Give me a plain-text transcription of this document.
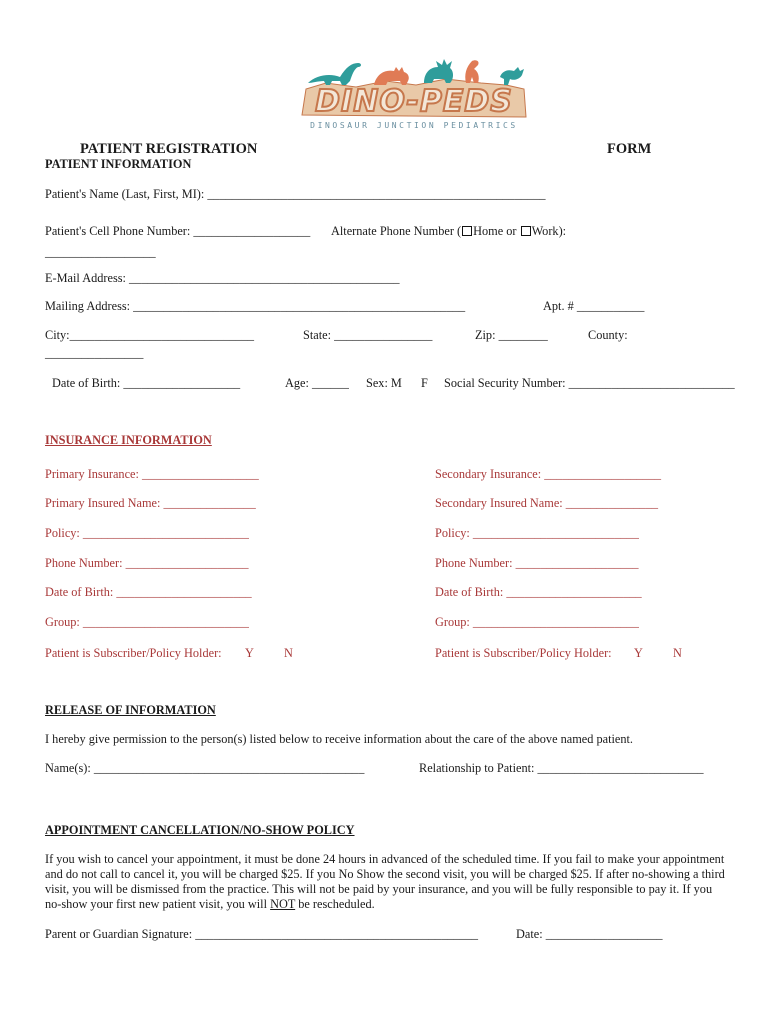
DINO-PEDS
DINOSAUR JUNCTION PEDIATRICS
PATIENT REGISTRATION	FORM
PATIENT INFORMATION
Patient's Name (Last, First, MI): _______________________________________________________
Patient's Cell Phone Number: ___________________ Alternate Phone Number ( Home or Work):
__________________
E-Mail Address: ____________________________________________
Mailing Address: ______________________________________________________	Apt. # ___________
City:______________________________	State: ________________	Zip: ________	County:
________________
Date of Birth: ___________________	Age: ______ Sex: M F Social Security Number: ___________________________
INSURANCE INFORMATION
Primary Insurance: ___________________	Secondary Insurance: ___________________
Primary Insured Name: _______________	Secondary Insured Name: _______________
Policy: ___________________________	Policy: ___________________________
Phone Number: ____________________	Phone Number: ____________________
Date of Birth: ______________________	Date of Birth: ______________________
Group: ___________________________	Group: ___________________________
Patient is Subscriber/Policy Holder: Y N	Patient is Subscriber/Policy Holder: Y N
RELEASE OF INFORMATION
I hereby give permission to the person(s) listed below to receive information about the care of the above named patient.
Name(s): ____________________________________________	Relationship to Patient: ___________________________
APPOINTMENT CANCELLATION/NO-SHOW POLICY
If you wish to cancel your appointment, it must be done 24 hours in advanced of the scheduled time. If you fail to make your appointment and do not call to cancel it, you will be charged $25. If you No Show the second visit, you will be charged $25. If after no-showing a third visit, you will be dismissed from the practice. This will not be paid by your insurance, and you will be fully responsible to pay it. If you no-show your first new patient visit, you will NOT be rescheduled.
Parent or Guardian Signature: ______________________________________________	Date: ___________________
